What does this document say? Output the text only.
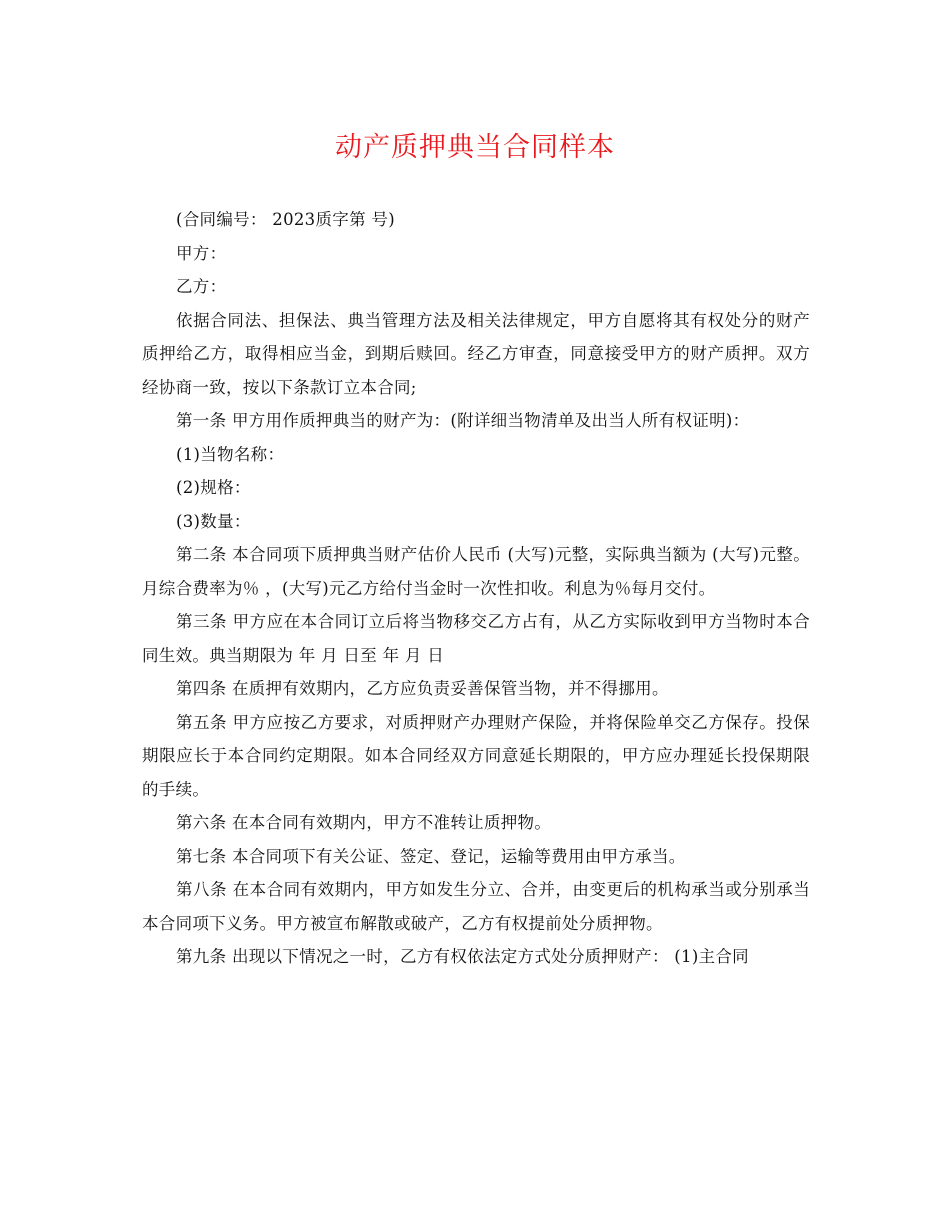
动产质押典当合同样本

(合同编号： 2023质字第 号)

甲方：

乙方：

依据合同法、担保法、典当管理方法及相关法律规定，甲方自愿将其有权处分的财产质押给乙方，取得相应当金，到期后赎回。经乙方审查，同意接受甲方的财产质押。双方经协商一致，按以下条款订立本合同;

第一条 甲方用作质押典当的财产为：(附详细当物清单及出当人所有权证明)：

(1)当物名称：

(2)规格：

(3)数量：

第二条 本合同项下质押典当财产估价人民币 (大写)元整，实际典当额为 (大写)元整。月综合费率为％ ，(大写)元乙方给付当金时一次性扣收。利息为％每月交付。

第三条 甲方应在本合同订立后将当物移交乙方占有，从乙方实际收到甲方当物时本合同生效。典当期限为 年 月 日至 年 月 日

第四条 在质押有效期内，乙方应负责妥善保管当物，并不得挪用。

第五条 甲方应按乙方要求，对质押财产办理财产保险，并将保险单交乙方保存。投保期限应长于本合同约定期限。如本合同经双方同意延长期限的，甲方应办理延长投保期限的手续。

第六条 在本合同有效期内，甲方不准转让质押物。

第七条 本合同项下有关公证、签定、登记，运输等费用由甲方承当。

第八条 在本合同有效期内，甲方如发生分立、合并，由变更后的机构承当或分别承当本合同项下义务。甲方被宣布解散或破产，乙方有权提前处分质押物。

第九条 出现以下情况之一时，乙方有权依法定方式处分质押财产： (1)主合同
